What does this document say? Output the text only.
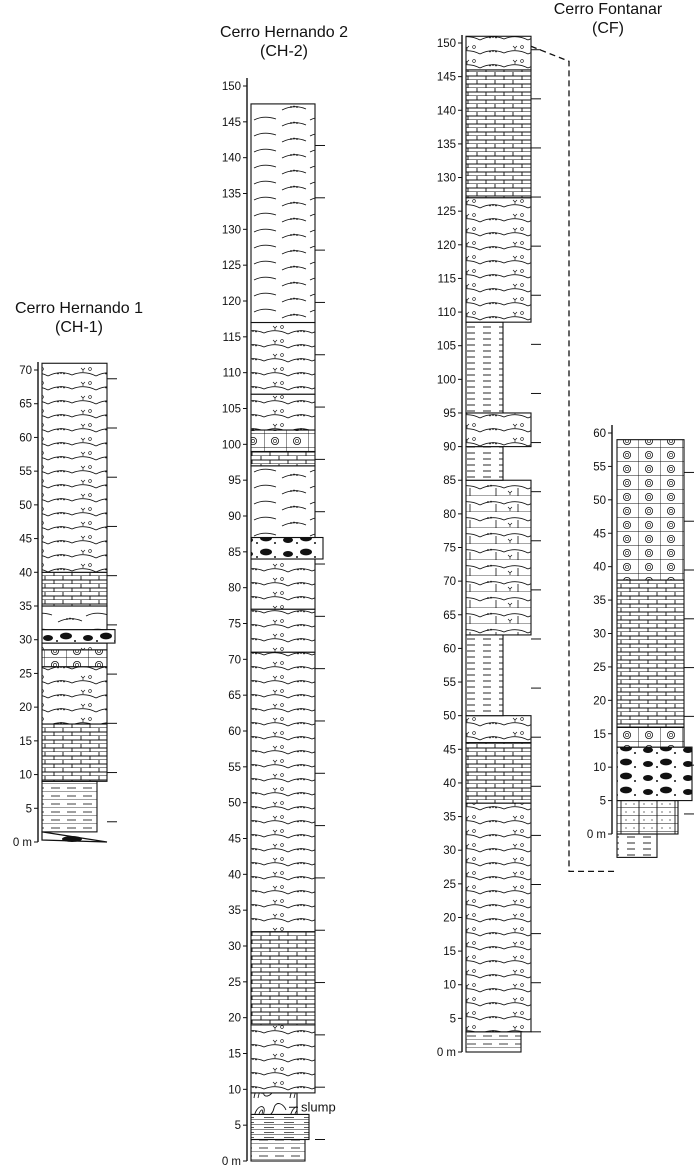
Cerro Hernando 1
(CH-1)
Cerro Hernando 2
(CH-2)
Cerro Fontanar
(CF)
slump
0 m
5
10
15
20
25
30
35
40
45
50
55
60
65
70
0 m
5
10
15
20
25
30
35
40
45
50
55
60
65
70
75
80
85
90
95
100
105
110
115
120
125
130
135
140
145
150
0 m
5
10
15
20
25
30
35
40
45
50
55
60
65
70
75
80
85
90
95
100
105
110
115
120
125
130
135
140
145
150
0 m
5
10
15
20
25
30
35
40
45
50
55
60
